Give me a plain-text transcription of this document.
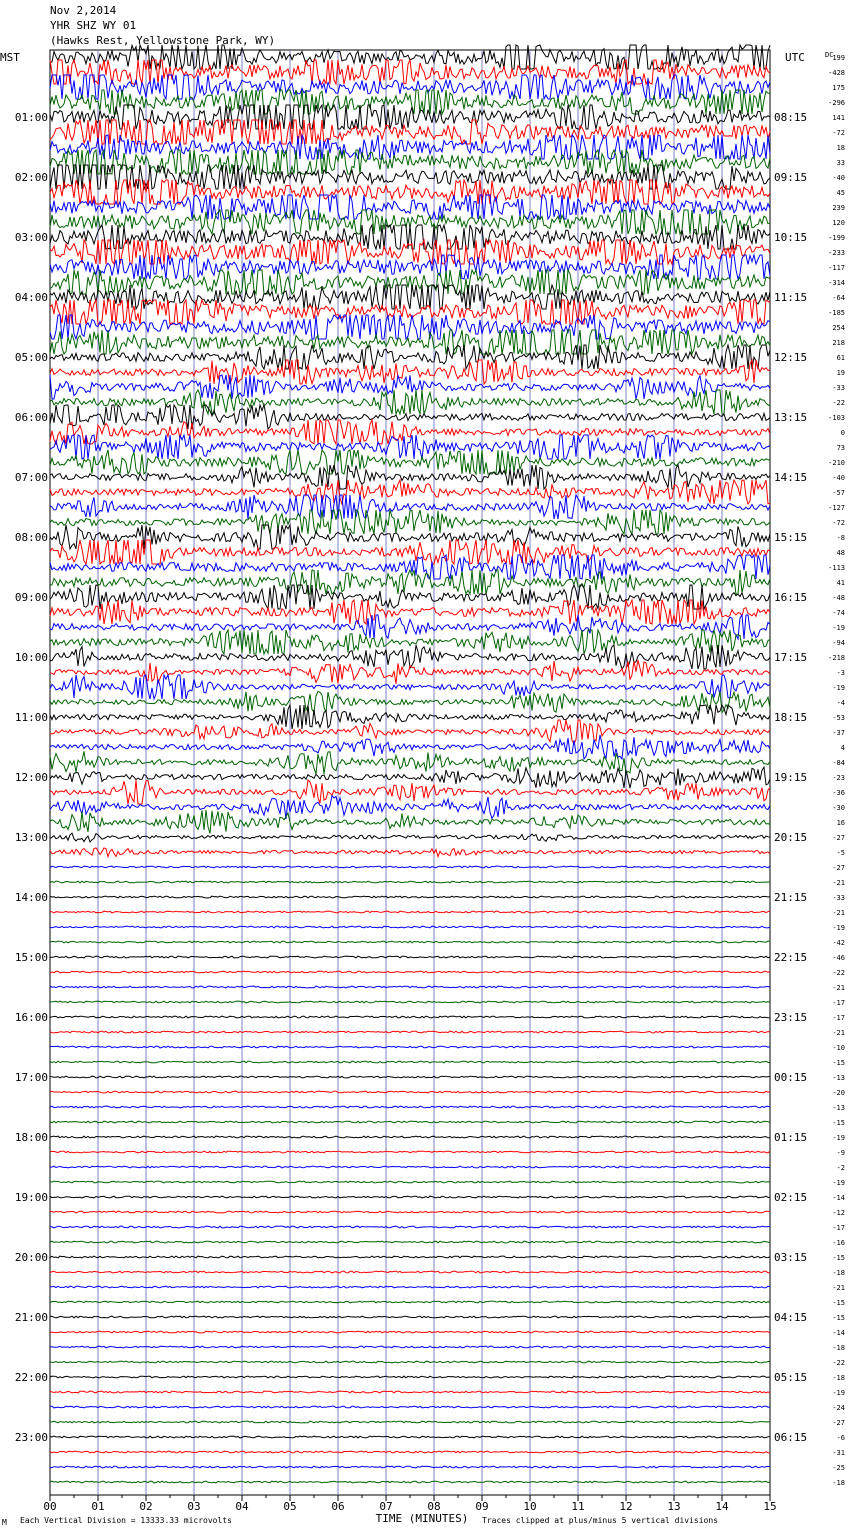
00	01	02	03	04	05	06	07	08	09	10	11	12	13	14	15
TIME (MINUTES)
MST	UTC	DC
01:00
02:00
03:00
04:00
05:00
06:00
07:00
08:00
09:00
10:00
11:00
12:00
13:00
14:00
15:00
16:00
17:00
18:00
19:00
20:00
21:00
22:00
23:00
08:15
09:15
10:15
11:15
12:15
13:15
14:15
15:15
16:15
17:15
18:15
19:15
20:15
21:15
22:15
23:15
00:15
01:15
02:15
03:15
04:15
05:15
06:15
199
-428
175
-296
141
-72
18
33
-40
45
239
120
-199
-233
-117
-314
-64
-185
254
218
61
19
-33
-22
-103
0
73
-210
-40
-57
-127
-72
-8
48
-113
41
-48
-74
-19
-94
-218
-3
-19
-4
-53
-37
4
-84
-23
-36
-30
16
-27
-5
-27
-21
-33
-21
-19
-42
-46
-22
-21
-17
-17
-21
-10
-15
-13
-20
-13
-15
-19
-9
-2
-19
-14
-12
-17
-16
-15
-18
-21
-15
-15
-14
-18
-22
-18
-19
-24
-27
-6
-31
-25
-18
Nov 2,2014
YHR SHZ WY 01
(Hawks Rest, Yellowstone Park, WY)
M Each Vertical Division = 13333.33 microvolts	Traces clipped at plus/minus 5 vertical divisions
